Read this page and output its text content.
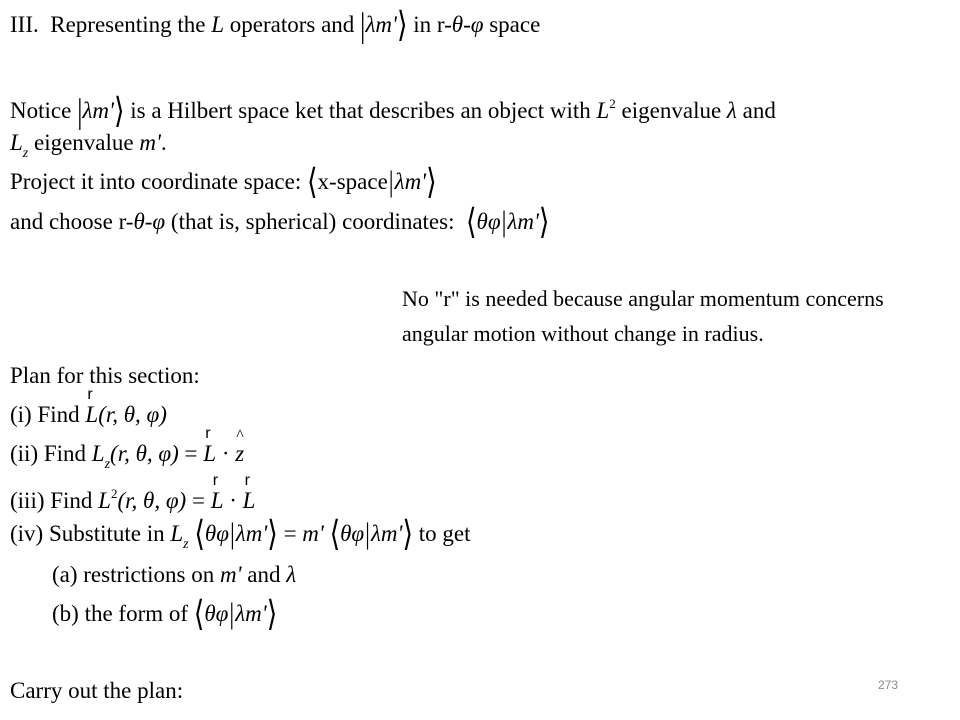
III. Representing the L operators and |λm'⟩ in r-θ-φ space
Notice |λm'⟩ is a Hilbert space ket that describes an object with $L^2$ eigenvalue λ and
$L_z$ eigenvalue m'.
Project it into coordinate space: ⟨x-space|λm'⟩
and choose r-θ-φ (that is, spherical) coordinates: ⟨θφ|λm'⟩
No "r" is needed because angular momentum concerns
angular motion without change in radius.
Plan for this section:
(i) Find
r
L(r, θ, φ)
(ii) Find $L_z(r$, θ, φ) =
r
L ·
^
z
(iii) Find $L^2(r$, θ, φ) =
r
L ·
r
L
(iv) Substitute in $L_z$ ⟨θφ|λm'⟩ = m' ⟨θφ|λm'⟩ to get
(a) restrictions on m' and λ
(b) the form of ⟨θφ|λm'⟩
Carry out the plan:	273
